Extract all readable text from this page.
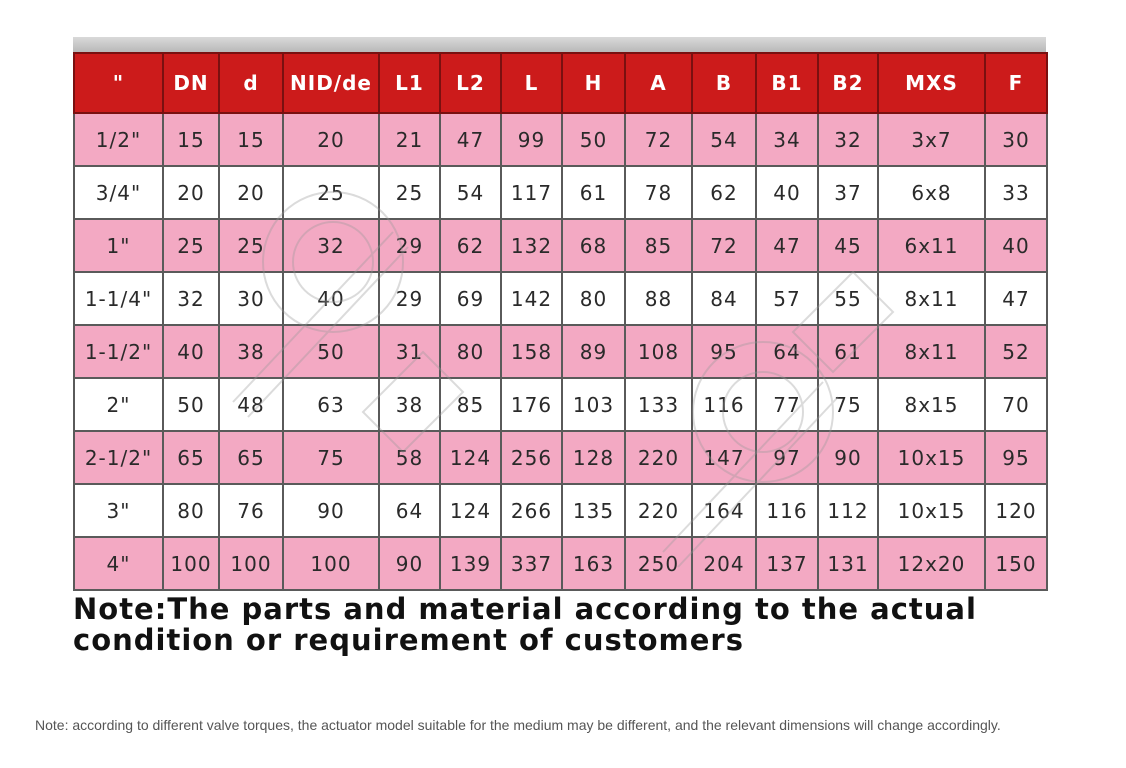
"	DN	d	NID/de	L1	L2	L	H	A	B	B1	B2	MXS	F
1/2"	15	15	20	21	47	99	50	72	54	34	32	3x7	30
3/4"	20	20	25	25	54	117	61	78	62	40	37	6x8	33
1"	25	25	32	29	62	132	68	85	72	47	45	6x11	40
1-1/4"	32	30	40	29	69	142	80	88	84	57	55	8x11	47
1-1/2"	40	38	50	31	80	158	89	108	95	64	61	8x11	52
2"	50	48	63	38	85	176	103	133	116	77	75	8x15	70
2-1/2"	65	65	75	58	124	256	128	220	147	97	90	10x15	95
3"	80	76	90	64	124	266	135	220	164	116	112	10x15	120
4"	100	100	100	90	139	337	163	250	204	137	131	12x20	150
Note:The parts and material according to the actual condition or requirement of customers
Note: according to different valve torques, the actuator model suitable for the medium may be different, and the relevant dimensions will change accordingly.
